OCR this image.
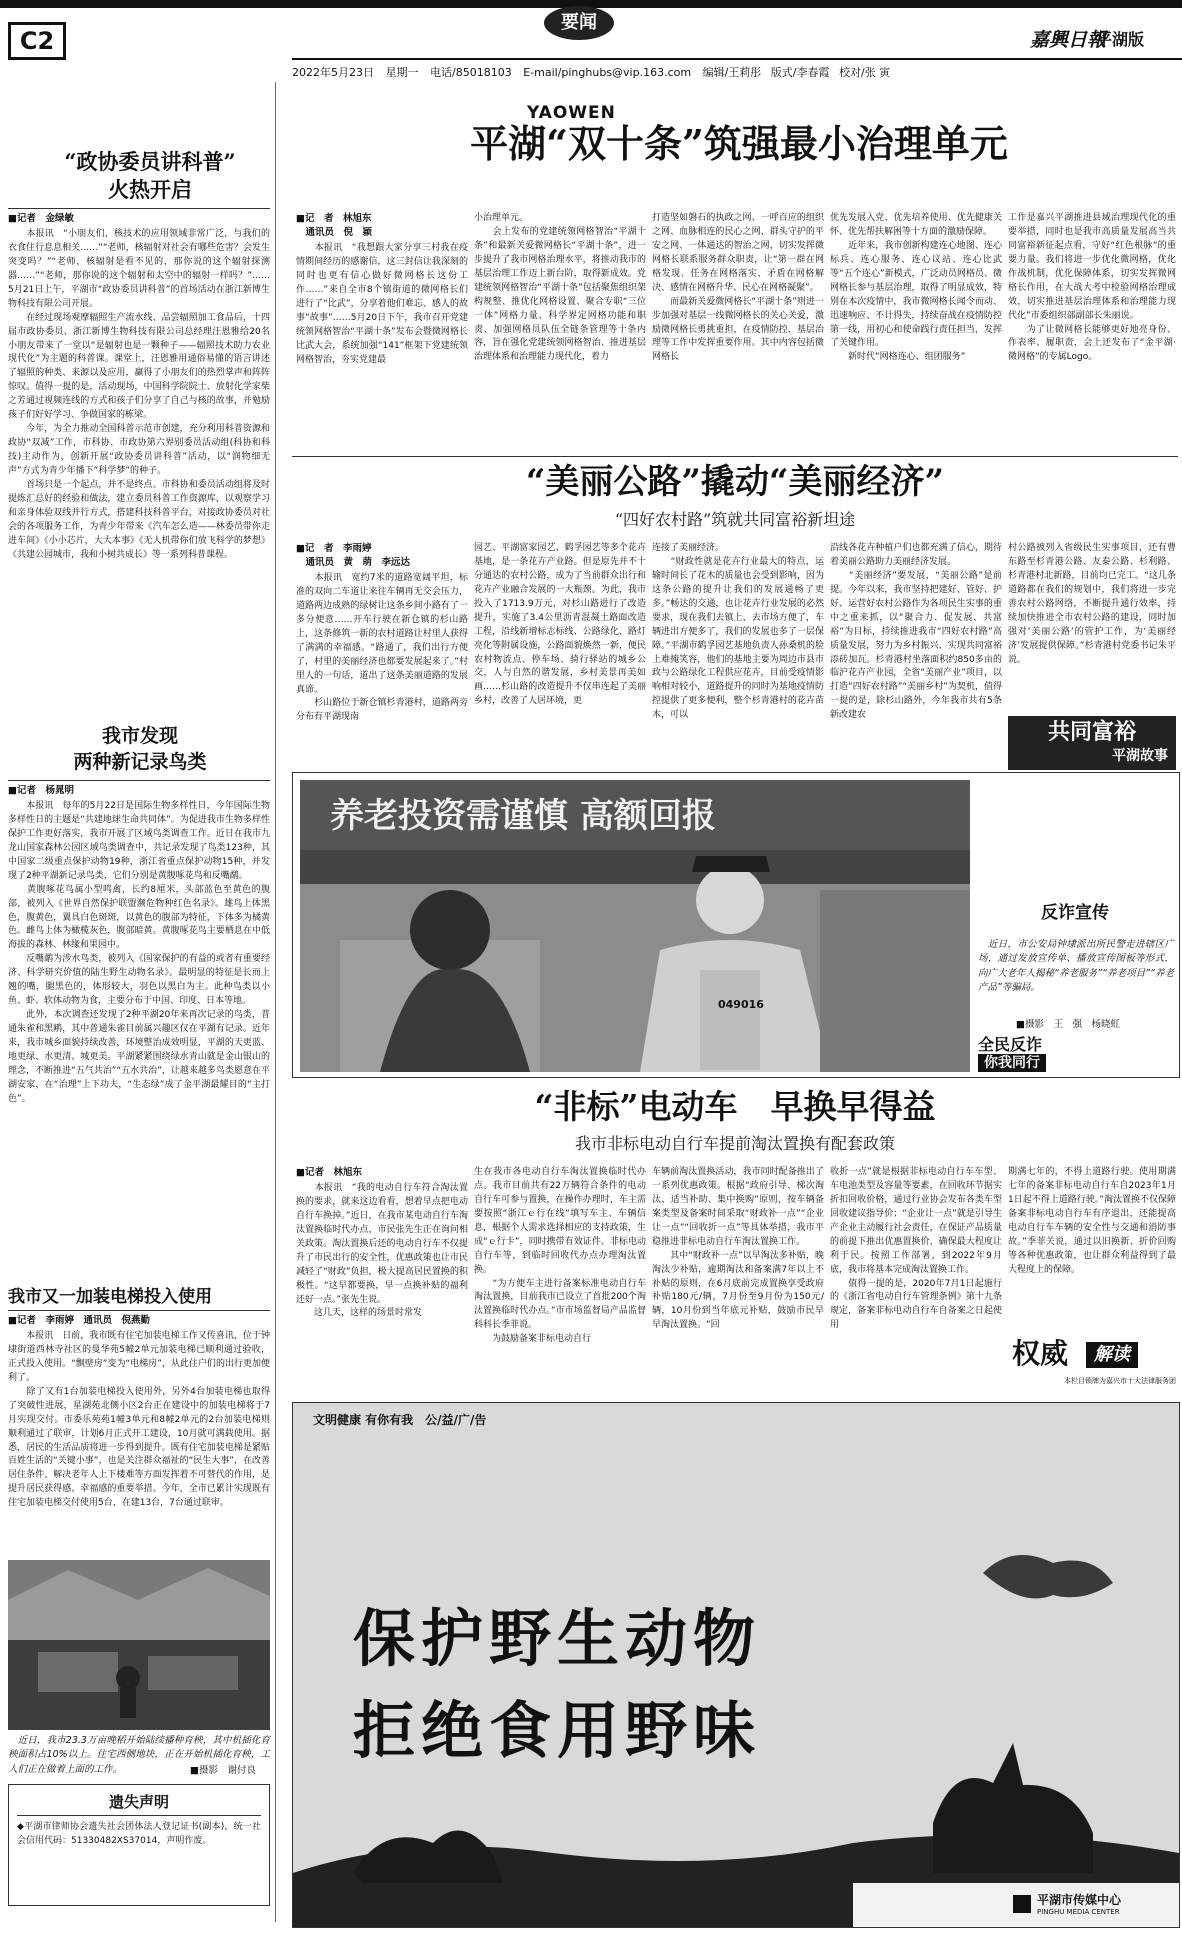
C2
要闻
2022年5月23日 星期一 电话/85018103 E-mail/pinghubs@vip.163.com 编辑/王莉彤 版式/李春霞 校对/张 寅
嘉興日報
平湖版
YAOWEN
“政协委员讲科普”
火热开启
■记者　金绿敏
　　本报讯　“小朋友们，核技术的应用领域非常广泛，与我们的衣食住行息息相关……”“老师，核辐射对社会有哪些危害？会发生突变吗？”“老师，核辐射是看不见的，那你说的这个辐射探测器……”“老师，那你说的这个辐射和太空中的辐射一样吗？”……5月21日上午，平湖市“政协委员讲科普”的首场活动在浙江新博生物科技有限公司开展。
　　在经过现场观摩辐照生产流水线、品尝辐照加工食品后，十四届市政协委员、浙江新博生物科技有限公司总经理汪恩雅给20名小朋友带来了一堂以“是辐射也是一颗种子——辐照技术助力农业现代化”为主题的科普课。课堂上，汪恩雅用通俗易懂的语言讲述了辐照的种类、来源以及应用，赢得了小朋友们的热烈掌声和阵阵惊叹。值得一提的是，活动现场，中国科学院院士、放射化学家柴之芳通过视频连线的方式和孩子们分享了自己与核的故事，并勉励孩子们好好学习、争做国家的栋梁。
　　今年，为全力推动全国科普示范市创建，充分利用科普资源和政协“双减”工作，市科协、市政协第六界别委员活动组(科协和科技)主动作为，创新开展“政协委员讲科普”活动，以“润物细无声”方式为青少年播下“科学梦”的种子。
　　首场只是一个起点，并不是终点。市科协和委员活动组将及时提炼汇总好的经验和做法，建立委员科普工作资源库，以观察学习和亲身体验双线并行方式，搭建科技科普平台，对接政协委员对社会的各项服务工作，为青少年带来《汽车怎么造——林委员带你走进车间》《小小芯片，大大本事》《无人机带你们放飞科学的梦想》《共建公园城市，我和小树共成长》等一系列科普课程。
我市发现
两种新记录鸟类
■记者　杨晁明
　　本报讯　每年的5月22日是国际生物多样性日，今年国际生物多样性日的主题是“共建地球生命共同体”。为促进我市生物多样性保护工作更好落实，我市开展了区域鸟类调查工作。近日在我市九龙山国家森林公园区域鸟类调查中，共记录发现了鸟类123种，其中国家二级重点保护动物19种，浙江省重点保护动物15种，并发现了2种平湖新记录鸟类，它们分别是黄腹啄花鸟和反嘴鹬。
　　黄腹啄花鸟属小型鸣禽，长约8厘米，头部蓝色至黄色的腹部，被列入《世界自然保护联盟濒危物种红色名录》。雄鸟上体黑色，腹黄色，翼具白色斑斑，以黄色的腹部为特征，下体多为橘黄色。雌鸟上体为橄榄灰色，腹部暗黄。黄腹啄花鸟主要栖息在中低海拔的森林、林缘和果园中。
　　反嘴鹬为涉水鸟类，被列入《国家保护的有益的或者有重要经济、科学研究价值的陆生野生动物名录》。最明显的特征是长而上翘的嘴，腿黑色的，体形较大，羽色以黑白为主。此种鸟类以小鱼、虾、软体动物为食，主要分布于中国、印度、日本等地。
　　此外，本次调查还发现了2种平湖20年来再次记录的鸟类，普通朱雀和黑鹇，其中普通朱雀目前属兴趣区仅在平湖有记录。近年来，我市城乡面貌持续改善，环境整治成效明显，平湖的天更蓝、地更绿、水更清、城更美。平湖紧紧围绕绿水青山就是金山银山的理念，不断推进“五气共治”“五水共治”，让越来越多鸟类愿意在平湖安家，在“治理”上下功夫，“生态绿”成了金平湖最耀目的“主打色”。
我市又一加装电梯投入使用
■记者　李雨婷　通讯员　倪燕勤
　　本报讯　日前，我市既有住宅加装电梯工作又传喜讯，位于钟埭街道西林寺社区的曼华苑5幢2单元加装电梯已顺利通过验收，正式投入使用。“飘壁房”变为“电梯房”，从此住户们的出行更加便利了。
　　除了又有1台加装电梯投入使用外，另外4台加装电梯也取得了突破性进展，星湖苑北侧小区2台正在建设中的加装电梯将于7月实现交付。市委乐苑苑1幢3单元和8幢2单元的2台加装电梯则顺利通过了联审，计划6月正式开工建设，10月就可满载使用。据悉，居民的生活品质将进一步得到提升。既有住宅加装电梯是紧贴百姓生活的“关键小事”，也是关注群众福祉的“民生大事”，在改善居住条件、解决老年人上下楼难等方面发挥着不可替代的作用，是提升居民获得感、幸福感的重要举措。今年，全市已累计实现既有住宅加装电梯交付使用5台，在建13台，7台通过联审。
　近日，我市23.3万亩晚稻开始陆续播种育秧，其中机插化育秧面积占10%以上。住宅西侧地块，正在开始机插化育秧，工人们正在做着上面的工作。	■摄影　谢付良
遗失声明
◆平湖市律师协会遗失社会团体法人登记证书(副本)，统一社会信用代码：51330482XS37014，声明作废。
平湖“双十条”筑强最小治理单元
■记　者　林旭东
　通讯员　倪　颖
　　本报讯　“我想跟大家分享三村我在疫情期间经历的感谢信，这三封信让我深刻的同时也更有信心做好微网格长这份工作……”来自全市8个镇街道的微网格长们进行了“比武”，分享着他们难忘、感人的故事“故事”……5月20日下午，我市召开党建统领网格智治“平湖十条”发布会暨微网格长比武大会，系统加强“141”框架下党建统领网格智治，夯实党建最
小治理单元。
　　会上发布的党建统领网格智治“平湖十条”和最新关爱微网格长“平湖十条”，进一步提升了我市网格治理水平，将推动我市的基层治理工作迈上新台阶，取得新成效。党建统领网格智治“平湖十条”包括聚焦组织架构规整、推优化网格设置、聚合专职“三位一体”网格力量、科学界定网格功能和职责、加强网格员队伍全链条管理等十条内容，旨在强化党建统领网格智治、推进基层治理体系和治理能力现代化，着力
打造坚如磐石的执政之网、一呼百应的组织之网、血脉相连的民心之网、群头守护的平安之网、一体通达的智治之网，切实发挥微网格长联系服务群众职责，让“第一群在网格发现、任务在网格落实、矛盾在网格解决、感情在网格升华、民心在网格凝聚”。
　　而最新关爱微网格长“平湖十条”则进一步加强对基层一线微网格长的关心关爱，激励微网格长勇挑重担，在疫情防控、基层治理等工作中发挥重要作用。其中内容包括微网格长
优先发展入党、优先培养使用、优先健康关怀、优先帮扶解困等十方面的激励保障。
　　近年来，我市创新构建连心地图、连心标兵、连心服务、连心议站、连心比武等“五个连心”新模式，广泛动员网格员、微网格长参与基层治理，取得了明显成效，特别在本次疫情中，我市微网格长闻令而动、迅速响应、不计得失，持续奋战在疫情防控第一线，用初心和使命践行责任担当，发挥了关键作用。
　　新时代“网格连心、组团服务”
工作是嘉兴平湖推进县域治理现代化的重要举措，同时也是我市高质量发展高当共同富裕新征起点看，守好“红色根脉”的重要力量。我们将进一步优化微网格，优化作战机制，优化保障体系，切实发挥微网格长作用，在大战大考中检验网格治理成效，切实推进基层治理体系和治理能力现代化”市委组织部副部长朱丽说。
　　为了让微网格长能够更好地亮身份、作表率、履职责，会上还发布了“金平湖·微网格”的专属Logo。
“美丽公路”撬动“美丽经济”
“四好农村路”筑就共同富裕新坦途
■记　者　李雨婷
　通讯员　黄　萌　李远达
　　本报讯　宽约7米的道路宽阔平坦，标准的双向二车道让来往车辆再无交会压力，道路两边成熟的绿树让这条乡间小路有了一多分便意……开车行驶在新仓镇的杉山路上，这条修筑一新的农村道路让村里人获得了满满的幸福感。“路通了，我们出行方便了，村里的美丽经济也都要发展起来了。”村里人的一句话，道出了这条美丽道路的发展真谛。
　　杉山路位于新仓镇杉青港村，道路两旁分布有平湖现南
园艺、平湖富家园艺、鹤孚园艺等多个花卉基地，是一条花卉产业路。但是原先并不十分通达的农村公路，成为了当前群众出行和花卉产业融合发展的一大瓶颈。为此，我市投入了1713.9万元，对杉山路进行了改造提升，实施了3.4公里沥青混凝土路面改造工程，沿线新增标志标线、公路绿化、路灯亮化等附属设施，公路面貌焕然一新，便民农村物流点、停车场、骑行驿站的城乡公交，人与自然的谐发展，乡村美景再美如画……杉山路的改造提升不仅串连起了美丽乡村，改善了人居环境，更
连接了美丽经济。
　　“财政性就是花卉行业最大的特点，运输时间长了花木的质量也会受到影响，因为这条公路的提升让我们的发展通畅了更多。”畅达的交通，也让花卉行业发展的必然要求，现在我们去镇上、去市场方便了，车辆进出方便多了，我们的发展也多了一层保障。”平湖市鹤孚园艺基地负责人孙桑机的脸上难掩笑容，他们的基地主要为周边市县市政与公路绿化工程供应花卉，目前受疫情影响相对较小，道路提升的同时为基地疫情防控提供了更多便利，整个杉青港村的花卉苗木，可以
沿线各花卉种植户们也都充满了信心，期待着美丽公路助力美丽经济发展。
　　“美丽经济”要发展，“美丽公路”是前提。今年以来，我市坚持把建好、管好、护好、运营好农村公路作为各项民生实事的重中之重来抓，以“聚合力、促发展、共富裕”为目标，持续推进我市“四好农村路”高质量发展，努力为乡村振兴、实现共同富裕添砖加瓦。杉青港村坐落面积约850多亩的临沪花卉产业园，全省“美丽产业”项目，以打造“四好农村路”“美丽乡村”为契机，值得一提的是，除杉山路外，今年我市共有5条新改建农
村公路被列入省级民生实事项目，还有曹东路至杉青港公路、友泰公路、杉利路、杉青港村北新路，目前均已完工。“这几条道路都在我们的规划中，我们将进一步完善农村公路网络，不断提升通行效率，持续加快推进全市农村公路的建设，同时加强对‘美丽公路’的管护工作，为‘美丽经济’发展提供保障。”杉青港村党委书记朱平说。
共同富裕
平湖故事
养老投资需谨慎 高额回报
049016
反诈宣传
　近日，市公安局钟埭派出所民警走进辖区广场，通过发放宣传单、播放宣传图板等形式，向广大老年人揭秘“养老服务”“养老项目”“养老产品”等骗局。
■摄影　王　强　杨晓虹
全民反诈
你我同行
“非标”电动车　早换早得益
我市非标电动自行车提前淘汰置换有配套政策
■记者　林旭东
　　本报讯　“我的电动自行车符合淘汰置换的要求，就来这边看看，想着早点把电动自行车换掉。”近日，在我市某电动自行车淘汰置换临时代办点，市民张先生正在询问相关政策。淘汰置换后还的电动自行车不仅提升了市民出行的安全性，优惠政策也让市民减轻了“财政”负担，极大提高居民置换的积极性。“这早都要换，早一点换补贴的福利还好一点。”张先生说。
　　这几天，这样的场景时常发
生在我市各电动自行车淘汰置换临时代办点。我市目前共有22万辆符合条件的电动自行车可参与置换，在操作办理时，车主需要按照“浙江ｅ行在线”填写车主、车辆信息，根据个人需求选择相应的支持政策，生成“ｅ行卡”，同时携带有效证件、非标电动自行车等，到临时回收代办点办理淘汰置换。
　　“为方便车主进行备案标准电动自行车淘汰置换，目前我市已设立了首批200个淘汰置换临时代办点。”市市场监督局产品监督科科长季菲说。
　　为鼓励备案非标电动自行
车辆前淘汰置换活动，我市同时配备推出了一系列优惠政策。根据“政府引导、梯次淘汰、适当补助、集中换购”原则，按车辆备案类型及备案时间采取“财政补一点”“企业让一点”“回收折一点”等具体举措，我市平稳推进非标电动自行车淘汰置换工作。
　　其中“财政补一点”以早淘汰多补贴，晚淘汰少补贴，逾期淘汰和备案满7年以上不补贴的原则，在6月底前完成置换享受政府补贴180元/辆，7月份至9月份为150元/辆，10月份到当年底元补贴，鼓励市民早早淘汰置换。“回
收折一点”就是根据非标电动自行车车型、车电池类型及容量等要素，在回收环节据实折扣回收价格，通过行业协会发布各类车型回收建议指导价；“企业让一点”就是引导生产企业主动履行社会责任，在保证产品质量的前提下推出优惠置换价，确保最大程度让利于民。按照工作部署，到2022年9月底，我市将基本完成淘汰置换工作。
　　值得一提的是，2020年7月1日起施行的《浙江省电动自行车管理条例》第十九条规定，备案非标电动自行车自备案之日起使用
期满七年的，不得上道路行驶。使用期满七年的备案非标电动自行车自2023年1月1日起不得上道路行驶。”淘汰置换不仅保障备案非标电动自行车有序退出，还能提高电动自行车车辆的安全性与交通和消防事故。”季菲关说，通过以旧换新、折价回购等各种优惠政策，也让群众利益得到了最大程度上的保障。
权威	解读
本栏目锁牌为嘉兴市十大法律服务团
文明健康 有你有我　公/益/广/告
保护野生动物
拒绝食用野味
平湖市传媒中心
PINGHU MEDIA CENTER
